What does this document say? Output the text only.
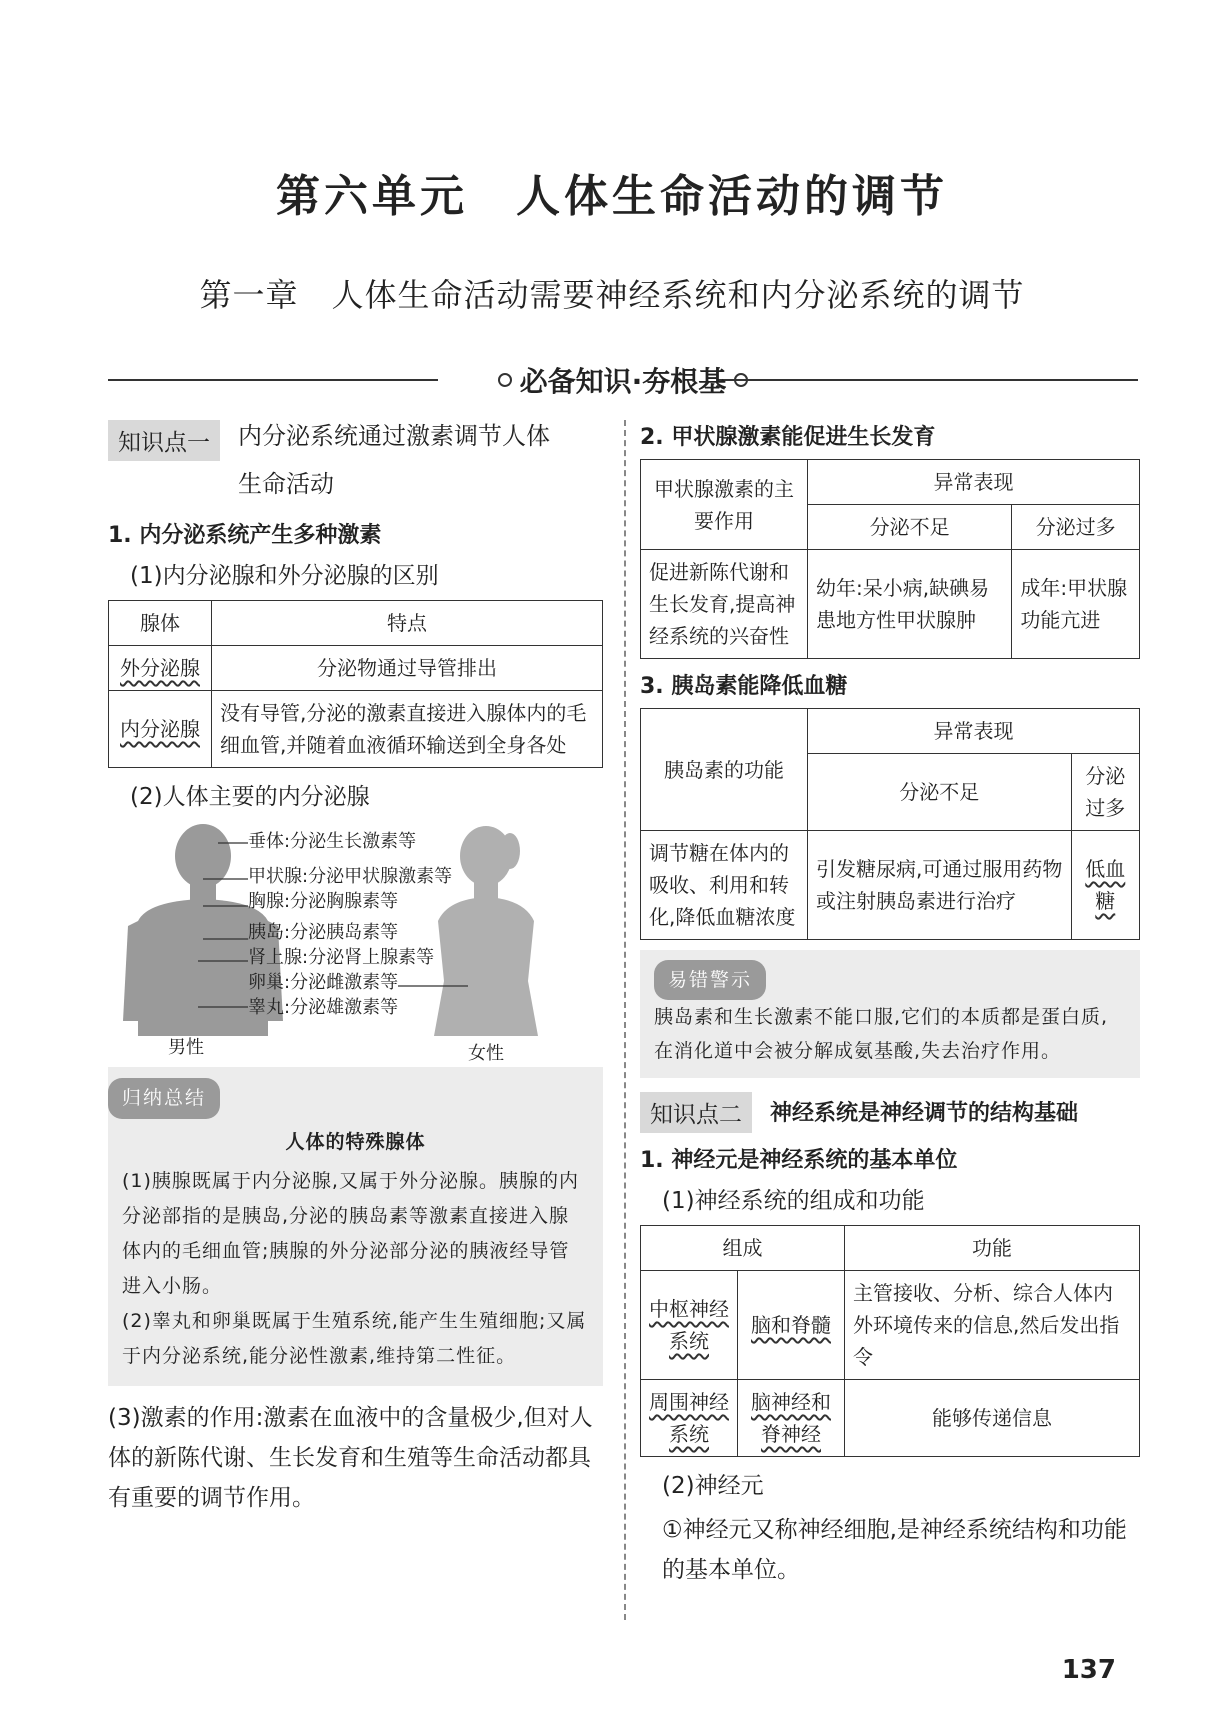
第六单元　人体生命活动的调节
第一章　人体生命活动需要神经系统和内分泌系统的调节
必备知识·夯根基
知识点一	内分泌系统通过激素调节人体
生命活动
1. 内分泌系统产生多种激素
(1)内分泌腺和外分泌腺的区别
腺体	特点
外分泌腺	分泌物通过导管排出
内分泌腺	没有导管,分泌的激素直接进入腺体内的毛细血管,并随着血液循环输送到全身各处
(2)人体主要的内分泌腺
垂体:分泌生长激素等
甲状腺:分泌甲状腺激素等
胸腺:分泌胸腺素等
胰岛:分泌胰岛素等
肾上腺:分泌肾上腺素等
卵巢:分泌雌激素等
睾丸:分泌雄激素等
男性	女性
归纳总结
人体的特殊腺体
(1)胰腺既属于内分泌腺,又属于外分泌腺。胰腺的内分泌部指的是胰岛,分泌的胰岛素等激素直接进入腺体内的毛细血管;胰腺的外分泌部分泌的胰液经导管进入小肠。
(2)睾丸和卵巢既属于生殖系统,能产生生殖细胞;又属于内分泌系统,能分泌性激素,维持第二性征。
(3)激素的作用:激素在血液中的含量极少,但对人体的新陈代谢、生长发育和生殖等生命活动都具有重要的调节作用。
2. 甲状腺激素能促进生长发育
甲状腺激素的主要作用	异常表现	
	分泌不足	分泌过多
促进新陈代谢和生长发育,提高神经系统的兴奋性	幼年:呆小病,缺碘易患地方性甲状腺肿	成年:甲状腺功能亢进
3. 胰岛素能降低血糖
胰岛素的功能	异常表现	
	分泌不足	分泌过多
调节糖在体内的吸收、利用和转化,降低血糖浓度	引发糖尿病,可通过服用药物或注射胰岛素进行治疗	低血糖
易错警示
胰岛素和生长激素不能口服,它们的本质都是蛋白质,在消化道中会被分解成氨基酸,失去治疗作用。
知识点二	神经系统是神经调节的结构基础
1. 神经元是神经系统的基本单位
(1)神经系统的组成和功能
组成		功能
中枢神经系统	脑和脊髓	主管接收、分析、综合人体内外环境传来的信息,然后发出指令
周围神经系统	脑神经和脊神经	能够传递信息
(2)神经元
①神经元又称神经细胞,是神经系统结构和功能的基本单位。
137
